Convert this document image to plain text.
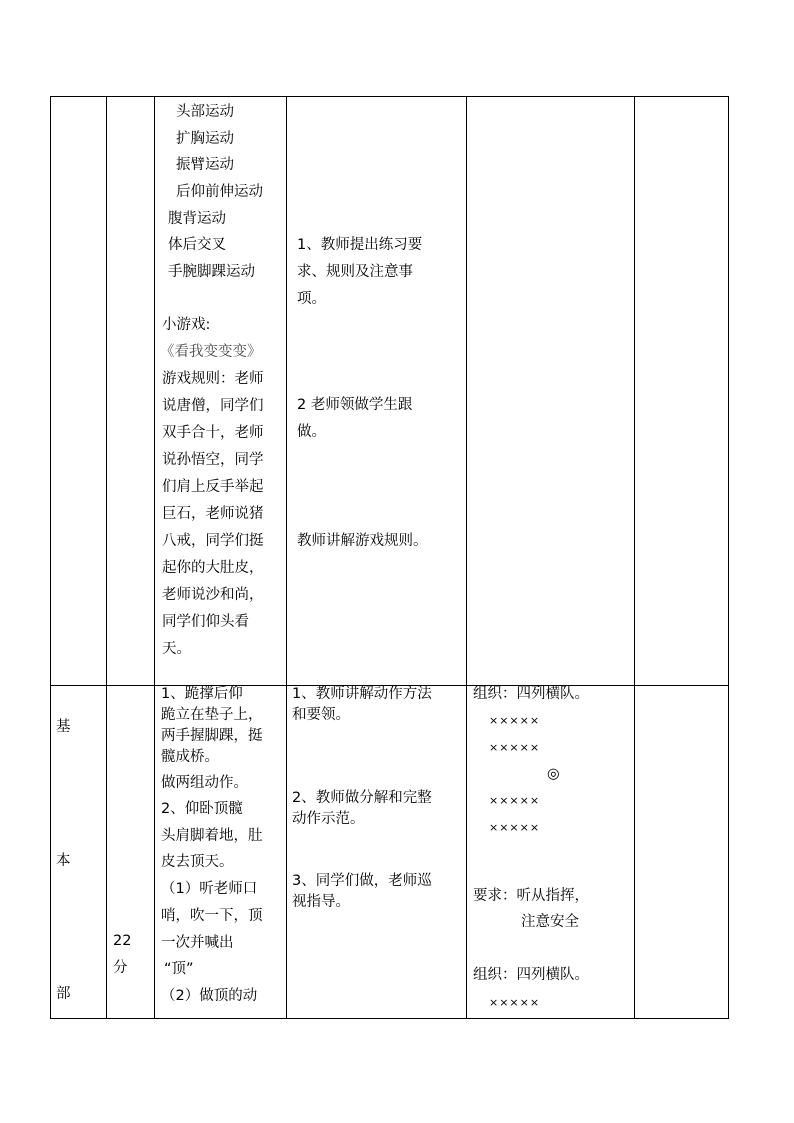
头部运动
扩胸运动
振臂运动
后仰前伸运动
腹背运动
体后交叉
手腕脚踝运动
小游戏:
《看我变变变》
游戏规则：老师
说唐僧，同学们
双手合十，老师
说孙悟空，同学
们肩上反手举起
巨石，老师说猪
八戒，同学们挺
起你的大肚皮，
老师说沙和尚，
同学们仰头看
天。
1、教师提出练习要
求、规则及注意事
项。
2 老师领做学生跟
做。
教师讲解游戏规则。
基
本
部
22
分
1、跪撑后仰
跪立在垫子上，
两手握脚踝，挺
髋成桥。
做两组动作。
2、仰卧顶髋
头肩脚着地，肚
皮去顶天。
（1）听老师口
哨，吹一下，顶
一次并喊出
“顶”
（2）做顶的动
1、教师讲解动作方法
和要领。
2、教师做分解和完整
动作示范。
3、同学们做，老师巡
视指导。
组织：四列横队。
×××××
×××××
◎
×××××
×××××
要求：听从指挥，
注意安全
组织：四列横队。
×××××
